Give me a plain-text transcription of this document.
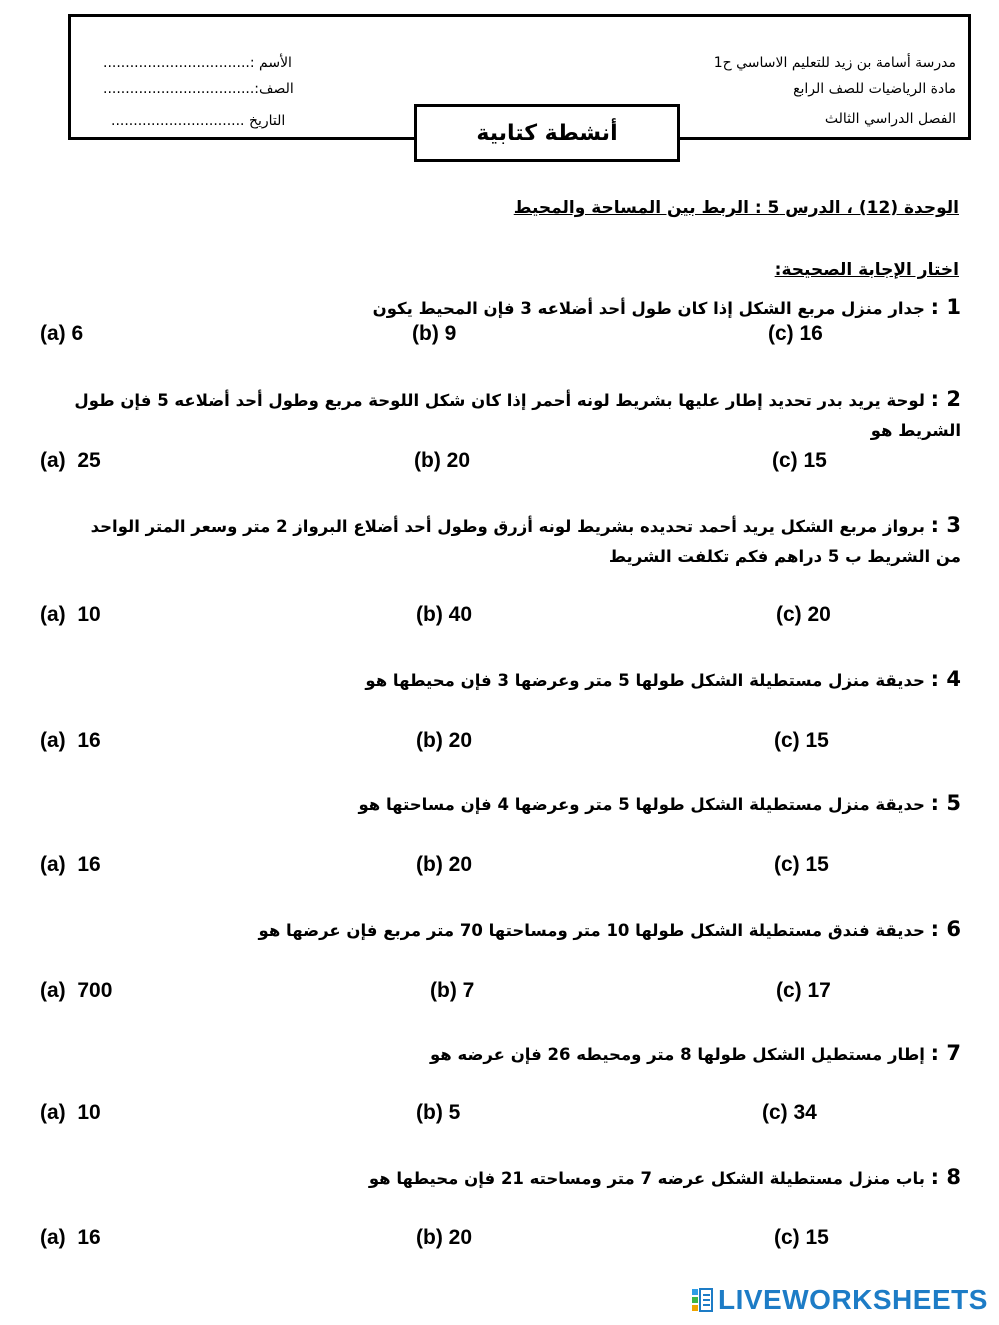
مدرسة أسامة بن زيد للتعليم الاساسي ح1
مادة الرياضيات للصف الرابع
الفصل الدراسي الثالث
الأسم :.................................
الصف:..................................
التاريخ ..............................	أنشطة كتابية
الوحدة (12) ، الدرس 5 : الربط بين المساحة والمحيط
اختار الإجابة الصحيحة:
1 : جدار منزل مربع الشكل إذا كان طول أحد أضلاعه 3 فإن المحيط يكون
(a) 6	(b) 9	(c) 16
2 : لوحة يريد بدر تحديد إطار عليها بشريط لونه أحمر إذا كان شكل اللوحة مربع وطول أحد أضلاعه 5 فإن طول الشريط هو
(a)  25	(b) 20	(c) 15
3 : برواز مربع الشكل يريد أحمد تحديده بشريط لونه أزرق وطول أحد أضلاع البرواز 2 متر وسعر المتر الواحد من الشريط ب 5 دراهم فكم تكلفت الشريط
(a)  10	(b) 40	(c) 20
4 : حديقة منزل مستطيلة الشكل طولها 5 متر وعرضها 3 فإن محيطها هو
(a)  16	(b) 20	(c) 15
5 : حديقة منزل مستطيلة الشكل طولها 5 متر وعرضها 4 فإن مساحتها هو
(a)  16	(b) 20	(c) 15
6 : حديقة فندق مستطيلة الشكل طولها 10 متر ومساحتها 70 متر مربع فإن عرضها هو
(a)  700	(b) 7	(c) 17
7 : إطار مستطيل الشكل طولها 8 متر ومحيطه 26 فإن عرضه هو
(a)  10	(b) 5	(c) 34
8 : باب منزل مستطيلة الشكل عرضه 7 متر ومساحته 21 فإن محيطها هو
(a)  16	(b) 20	(c) 15
LIVEWORKSHEETS
